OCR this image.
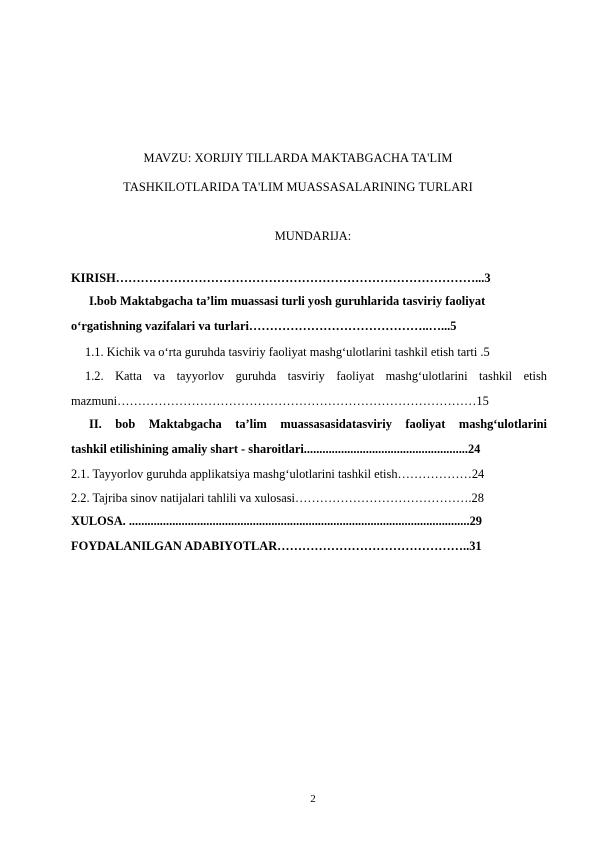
MAVZU: XORIJIY TILLARDA MAKTABGACHA TA'LIM
TASHKILOTLARIDA TA'LIM MUASSASALARINING TURLARI
MUNDARIJA:
KIRISH……………………………………………………………………………...3
I.bob Maktabgacha ta’lim muassasi turli yosh guruhlarida tasviriy faoliyat
o‘rgatishning vazifalari va turlari……………………………………..…...5
1.1. Kichik va o‘rta guruhda tasviriy faoliyat mashg‘ulotlarini tashkil etish tarti .5
1.2. Katta va tayyorlov guruhda tasviriy faoliyat mashg‘ulotlarini tashkil etish
mazmuni……………………………………………………………………………15
II. bob Maktabgacha ta’lim muassasasidatasviriy faoliyat mashg‘ulotlarini
tashkil etilishining amaliy shart - sharoitlari.....................................................24
2.1. Tayyorlov guruhda applikatsiya mashg‘ulotlarini tashkil etish………………24
2.2. Tajriba sinov natijalari tahlili va xulosasi…………………………………….28
XULOSA. ..............................................................................................................29
FOYDALANILGAN ADABIYOTLAR………………………………………..31
2
